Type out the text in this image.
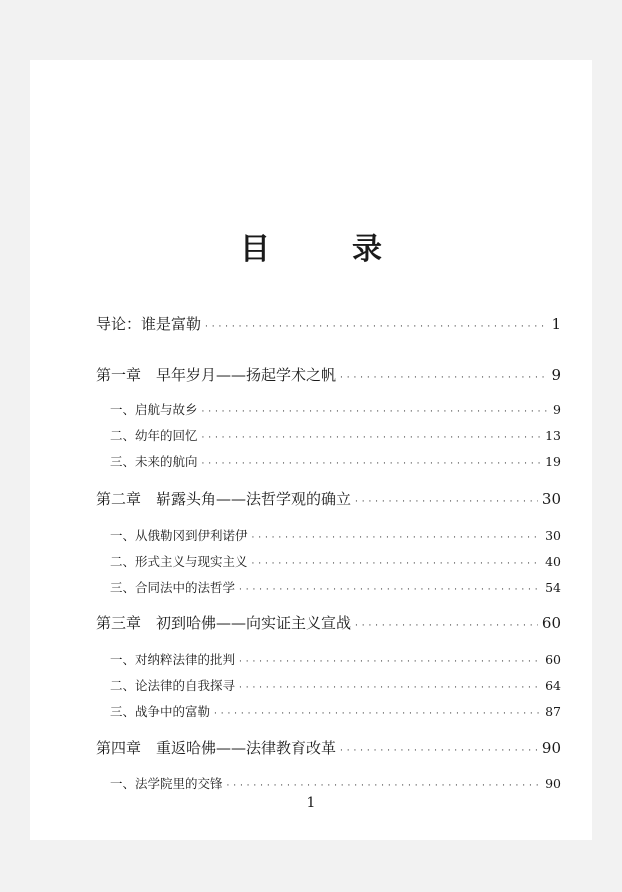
目　录
导论：谁是富勒 · · ·	1
第一章　早年岁月——扬起学术之帆 · · ·	9
一、启航与故乡 · · ·	9
二、幼年的回忆 · · ·	13
三、未来的航向 · · ·	19
第二章　崭露头角——法哲学观的确立 · · ·	30
一、从俄勒冈到伊利诺伊 · · ·	30
二、形式主义与现实主义 · · ·	40
三、合同法中的法哲学 · · ·	54
第三章　初到哈佛——向实证主义宣战 · · ·	60
一、对纳粹法律的批判 · · ·	60
二、论法律的自我探寻 · · ·	64
三、战争中的富勒 · · ·	87
第四章　重返哈佛——法律教育改革 · · ·	90
一、法学院里的交锋 · · ·	90
1
